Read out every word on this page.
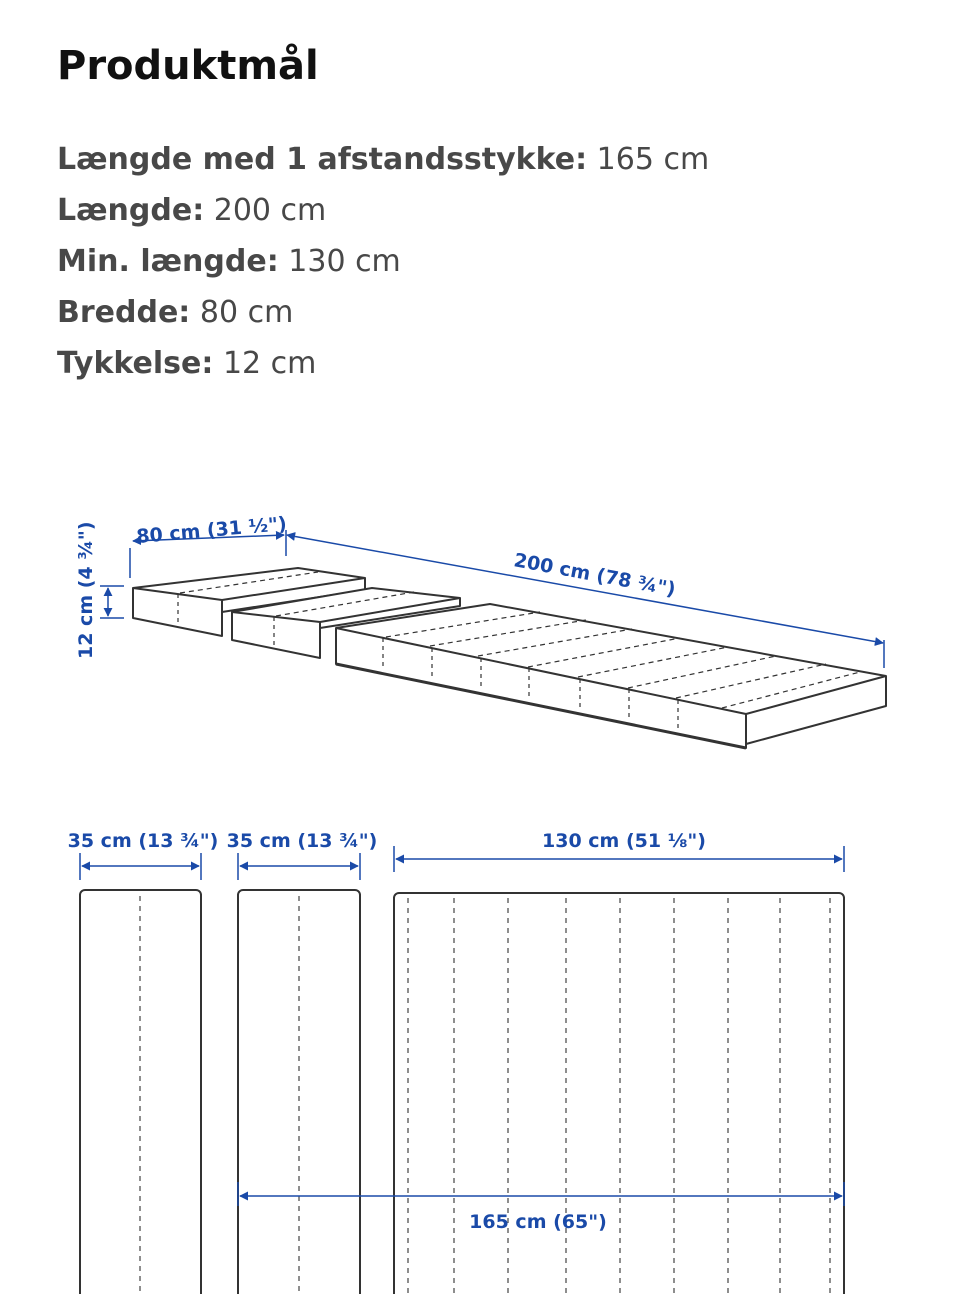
Produktmål
Længde med 1 afstandsstykke: 165 cm
Længde: 200 cm
Min. længde: 130 cm
Bredde: 80 cm
Tykkelse: 12 cm
80 cm (31 ½")
200 cm (78 ¾")
12 cm (4 ¾")
35 cm (13 ¾") 35 cm (13 ¾")	130 cm (51 ⅛")
165 cm (65")
